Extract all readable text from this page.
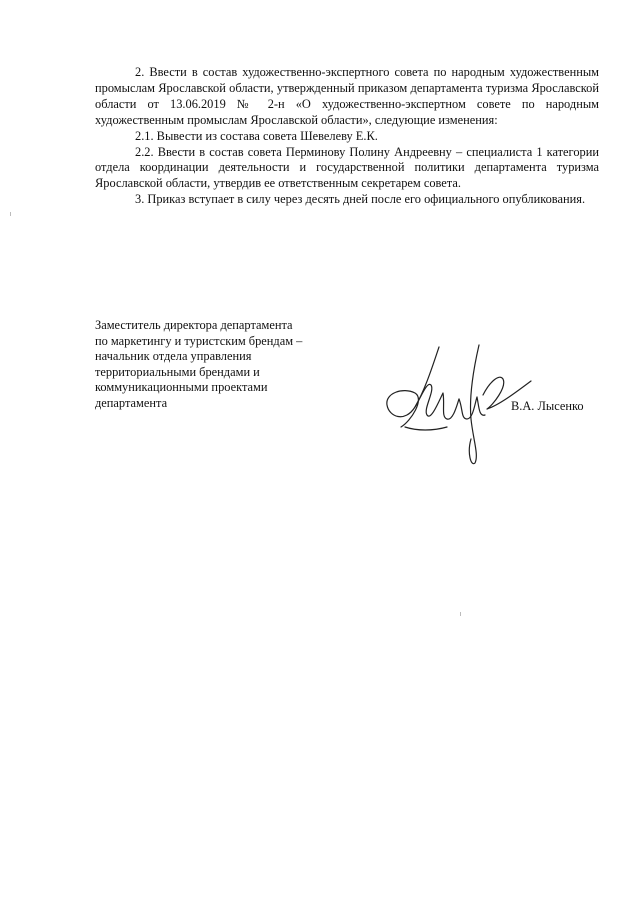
2. Ввести в состав художественно-экспертного совета по народным художественным промыслам Ярославской области, утвержденный приказом департамента туризма Ярославской области от 13.06.2019 № 2-н «О художественно-экспертном совете по народным художественным промыслам Ярославской области», следующие изменения:

2.1. Вывести из состава совета Шевелеву Е.К.

2.2. Ввести в состав совета Перминову Полину Андреевну – специалиста 1 категории отдела координации деятельности и государственной политики департамента туризма Ярославской области, утвердив ее ответственным секретарем совета.

3. Приказ вступает в силу через десять дней после его официального опубликования.

Заместитель директора департамента
по маркетингу и туристским брендам –
начальник отдела управления
территориальными брендами и
коммуникационными проектами
департамента	В.А. Лысенко
